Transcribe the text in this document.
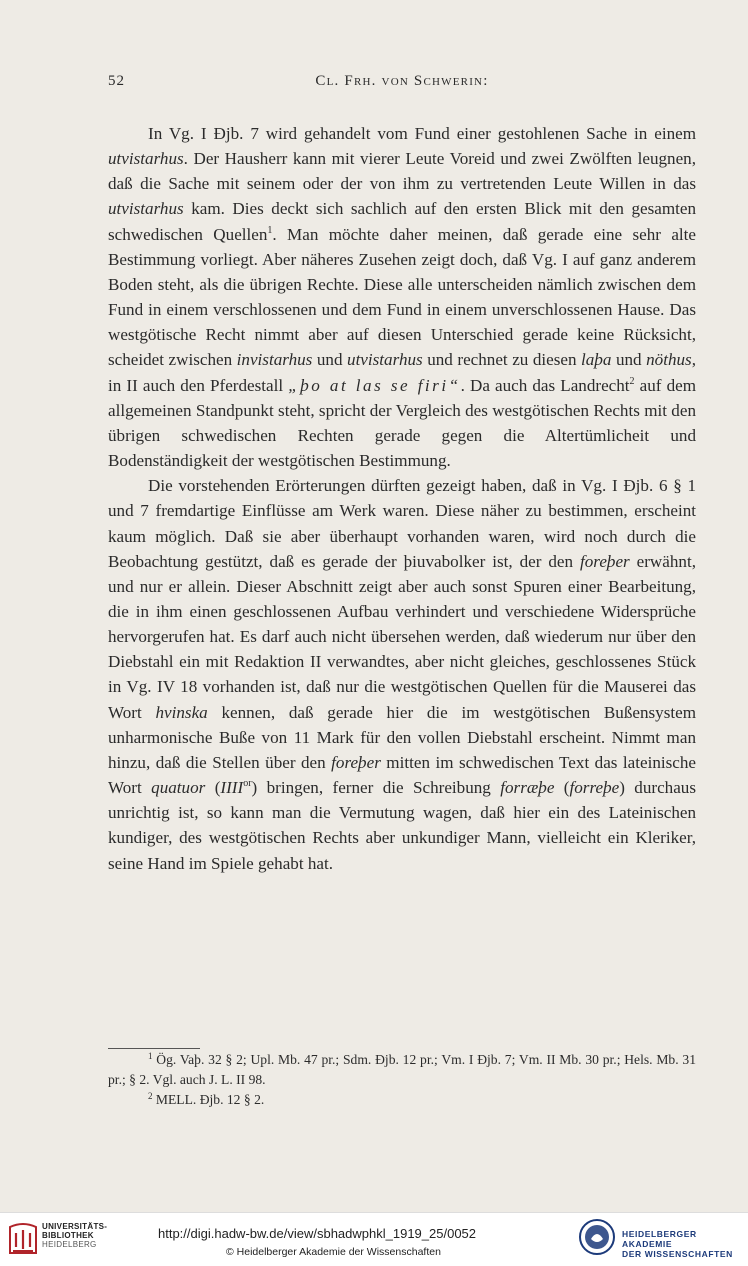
52	Cl. Frh. von Schwerin:

In Vg. I Ðjb. 7 wird gehandelt vom Fund einer gestohlenen Sache in einem utvistarhus. Der Hausherr kann mit vierer Leute Voreid und zwei Zwölften leugnen, daß die Sache mit seinem oder der von ihm zu vertretenden Leute Willen in das utvistarhus kam. Dies deckt sich sachlich auf den ersten Blick mit den gesamten schwedischen Quellen$^1$. Man möchte daher meinen, daß gerade eine sehr alte Bestimmung vorliegt. Aber näheres Zusehen zeigt doch, daß Vg. I auf ganz anderem Boden steht, als die übrigen Rechte. Diese alle unterscheiden nämlich zwischen dem Fund in einem verschlossenen und dem Fund in einem unverschlossenen Hause. Das westgötische Recht nimmt aber auf diesen Unterschied gerade keine Rücksicht, scheidet zwischen invistarhus und utvistarhus und rechnet zu diesen laþa und nöthus, in II auch den Pferdestall „þo at las se firi“. Da auch das Landrecht$^2$ auf dem allgemeinen Standpunkt steht, spricht der Vergleich des westgötischen Rechts mit den übrigen schwedischen Rechten gerade gegen die Altertümlicheit und Bodenständigkeit der westgötischen Bestimmung.

Die vorstehenden Erörterungen dürften gezeigt haben, daß in Vg. I Ðjb. 6 § 1 und 7 fremdartige Einflüsse am Werk waren. Diese näher zu bestimmen, erscheint kaum möglich. Daß sie aber überhaupt vorhanden waren, wird noch durch die Beobachtung gestützt, daß es gerade der þiuvabolker ist, der den foreþer erwähnt, und nur er allein. Dieser Abschnitt zeigt aber auch sonst Spuren einer Bearbeitung, die in ihm einen geschlossenen Aufbau verhindert und verschiedene Widersprüche hervorgerufen hat. Es darf auch nicht übersehen werden, daß wiederum nur über den Diebstahl ein mit Redaktion II verwandtes, aber nicht gleiches, geschlossenes Stück in Vg. IV 18 vorhanden ist, daß nur die westgötischen Quellen für die Mauserei das Wort hvinska kennen, daß gerade hier die im westgötischen Bußensystem unharmonische Buße von 11 Mark für den vollen Diebstahl erscheint. Nimmt man hinzu, daß die Stellen über den foreþer mitten im schwedischen Text das lateinische Wort quatuor $(IIII^{or})$ bringen, ferner die Schreibung forræþe (forreþe) durchaus unrichtig ist, so kann man die Vermutung wagen, daß hier ein des Lateinischen kundiger, des westgötischen Rechts aber unkundiger Mann, vielleicht ein Kleriker, seine Hand im Spiele gehabt hat.

$^1$ Ög. Vaþ. 32 § 2; Upl. Mb. 47 pr.; Sdm. Ðjb. 12 pr.; Vm. I Ðjb. 7; Vm. II Mb. 30 pr.; Hels. Mb. 31 pr.; § 2. Vgl. auch J. L. II 98.

$^2$ MELL. Ðjb. 12 § 2.

UNIVERSITÄTS-
BIBLIOTHEK
HEIDELBERG
http://digi.hadw-bw.de/view/sbhadwphkl_1919_25/0052
© Heidelberger Akademie der Wissenschaften
HEIDELBERGER AKADEMIE
DER WISSENSCHAFTEN
